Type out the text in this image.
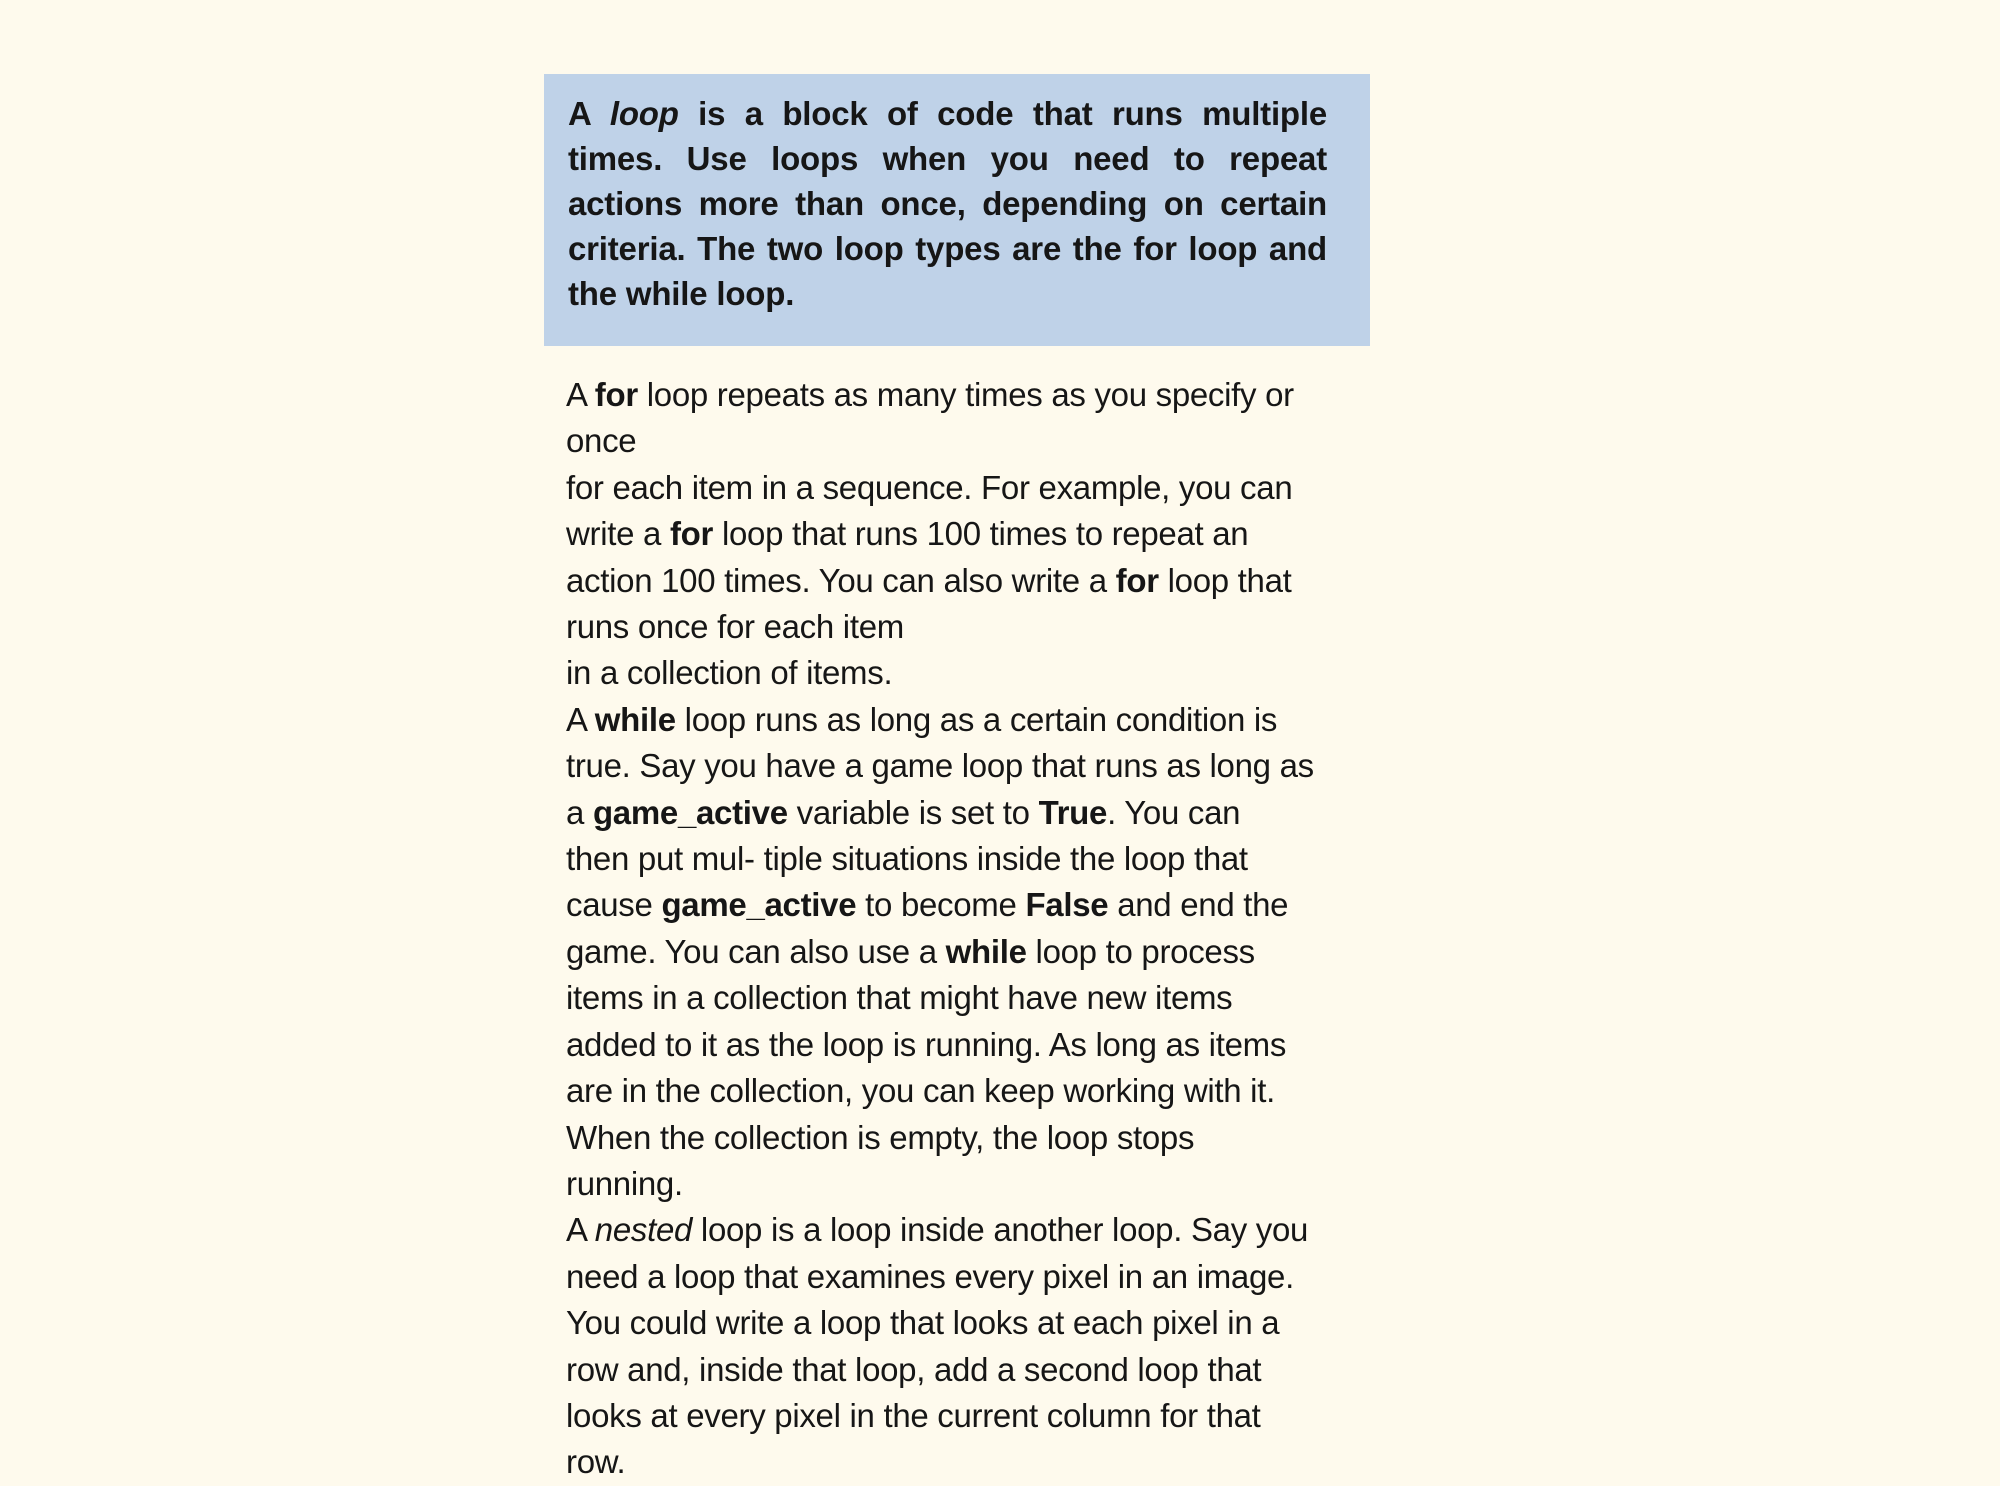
A loop is a block of code that runs multiple times. Use loops when you need to repeat actions more than once, depending on certain criteria. The two loop types are the for loop and the while loop.

A for loop repeats as many times as you specify or
once
for each item in a sequence. For example, you can
write a for loop that runs 100 times to repeat an
action 100 times. You can also write a for loop that
runs once for each item
in a collection of items.

A while loop runs as long as a certain condition is
true. Say you have a game loop that runs as long as
a game_active variable is set to True. You can
then put mul- tiple situations inside the loop that
cause game_active to become False and end the
game. You can also use a while loop to process
items in a collection that might have new items
added to it as the loop is running. As long as items
are in the collection, you can keep working with it.
When the collection is empty, the loop stops
running.

A nested loop is a loop inside another loop. Say you
need a loop that examines every pixel in an image.
You could write a loop that looks at each pixel in a
row and, inside that loop, add a second loop that
looks at every pixel in the current column for that
row.
